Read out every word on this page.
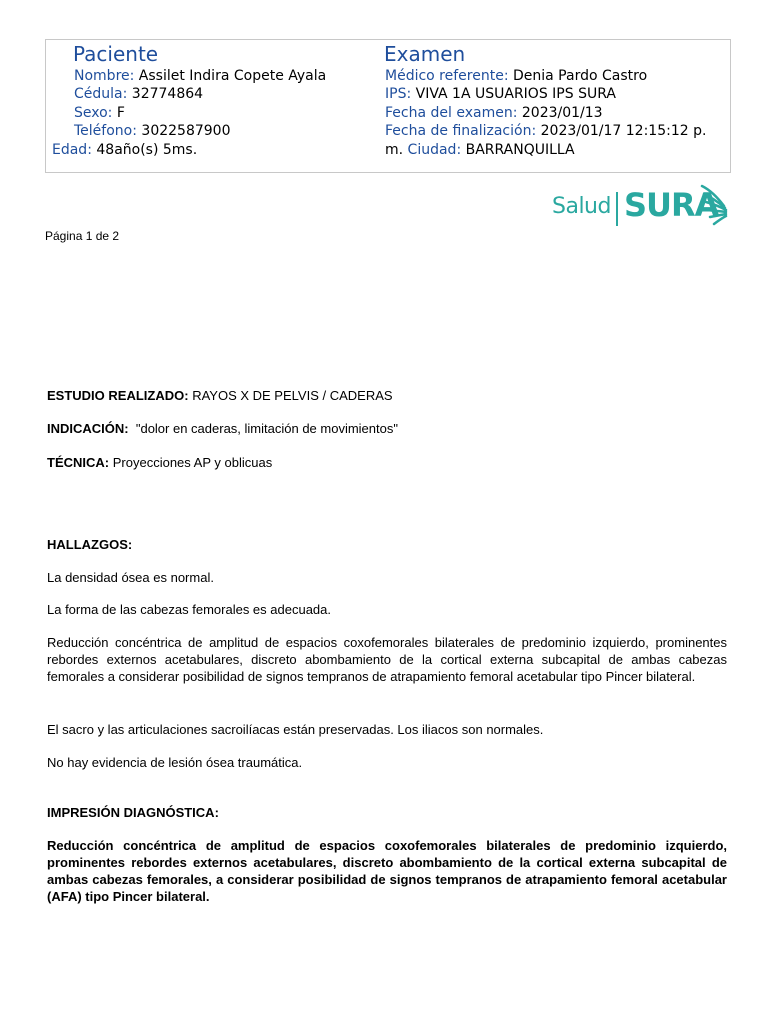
Paciente	Examen
Nombre: Assilet Indira Copete Ayala
Cédula: 32774864
Sexo: F
Teléfono: 3022587900
Edad: 48año(s) 5ms.
Médico referente: Denia Pardo Castro
IPS: VIVA 1A USUARIOS IPS SURA
Fecha del examen: 2023/01/13
Fecha de finalización: 2023/01/17 12:15:12 p.
m. Ciudad: BARRANQUILLA
Salud SURA
Página 1 de 2
ESTUDIO REALIZADO: RAYOS X DE PELVIS / CADERAS
INDICACIÓN: "dolor en caderas, limitación de movimientos"
TÉCNICA: Proyecciones AP y oblicuas
HALLAZGOS:
La densidad ósea es normal.
La forma de las cabezas femorales es adecuada.
Reducción concéntrica de amplitud de espacios coxofemorales bilaterales de predominio izquierdo, prominentes rebordes externos acetabulares, discreto abombamiento de la cortical externa subcapital de ambas cabezas femorales a considerar posibilidad de signos tempranos de atrapamiento femoral acetabular tipo Pincer bilateral.
El sacro y las articulaciones sacroilíacas están preservadas. Los iliacos son normales.
No hay evidencia de lesión ósea traumática.
IMPRESIÓN DIAGNÓSTICA:
Reducción concéntrica de amplitud de espacios coxofemorales bilaterales de predominio izquierdo, prominentes rebordes externos acetabulares, discreto abombamiento de la cortical externa subcapital de ambas cabezas femorales, a considerar posibilidad de signos tempranos de atrapamiento femoral acetabular (AFA) tipo Pincer bilateral.
